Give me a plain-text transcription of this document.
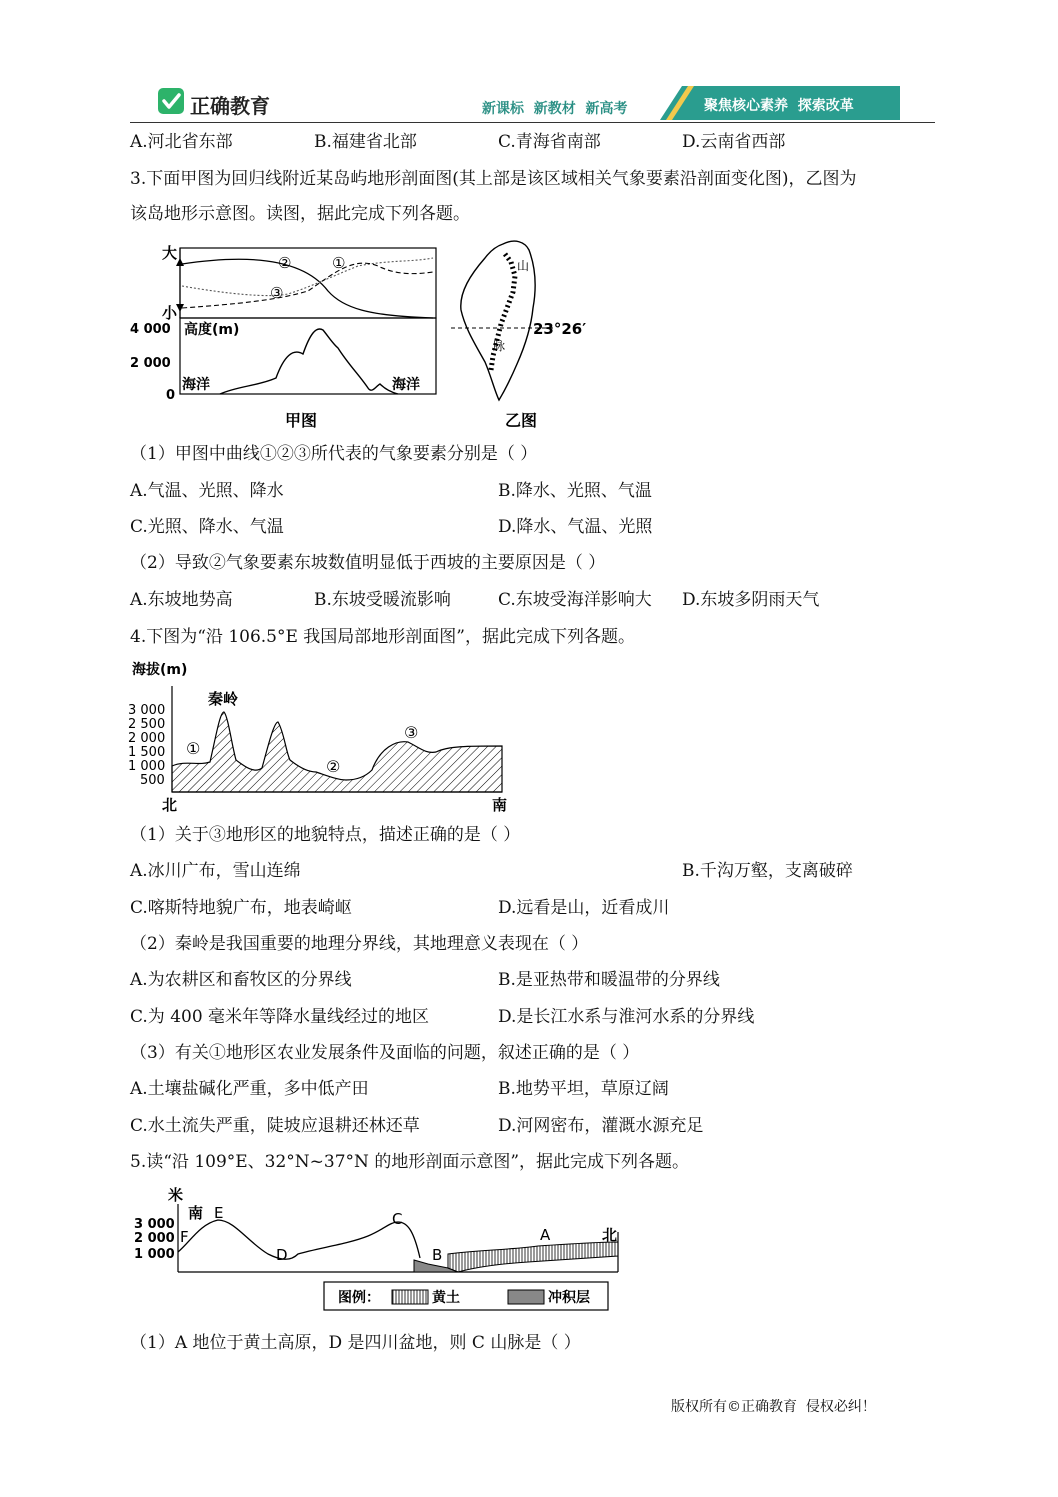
正确教育	新课标  新教材  新高考	聚焦核心素养  探索改革
A.河北省东部	B.福建省北部	C.青海省南部	D.云南省西部
3.下面甲图为回归线附近某岛屿地形剖面图(其上部是该区域相关气象要素沿剖面变化图)，乙图为
该岛地形示意图。读图，据此完成下列各题。
大
小
②	①
③
4 000
2 000
0
高度(m)
海洋	海洋
甲图
山
脉
23°26′
乙图
（1）甲图中曲线①②③所代表的气象要素分别是（ ）
A.气温、光照、降水	B.降水、光照、气温
C.光照、降水、气温	D.降水、气温、光照
（2）导致②气象要素东坡数值明显低于西坡的主要原因是（ ）
A.东坡地势高	B.东坡受暖流影响	C.东坡受海洋影响大 D.东坡多阴雨天气
4.下图为“沿 106.5°E 我国局部地形剖面图”，据此完成下列各题。
海拔(m)
3 000
2 500
2 000
1 500
1 000
500
秦岭
①
②
③
北	南
（1）关于③地形区的地貌特点，描述正确的是（ ）
A.冰川广布，雪山连绵	B.千沟万壑，支离破碎
C.喀斯特地貌广布，地表崎岖	D.远看是山，近看成川
（2）秦岭是我国重要的地理分界线，其地理意义表现在（ ）
A.为农耕区和畜牧区的分界线	B.是亚热带和暖温带的分界线
C.为 400 毫米年等降水量线经过的地区	D.是长江水系与淮河水系的分界线
（3）有关①地形区农业发展条件及面临的问题，叙述正确的是（ ）
A.土壤盐碱化严重，多中低产田	B.地势平坦，草原辽阔
C.水土流失严重，陡坡应退耕还林还草	D.河网密布，灌溉水源充足
5.读“沿 109°E、32°N~37°N 的地形剖面示意图”，据此完成下列各题。
米
3 000
2 000
1 000
南 E
F
D
C
B
A	北
图例：	黄土	冲积层
（1）A 地位于黄土高原，D 是四川盆地，则 C 山脉是（ ）
版权所有©正确教育  侵权必纠！
